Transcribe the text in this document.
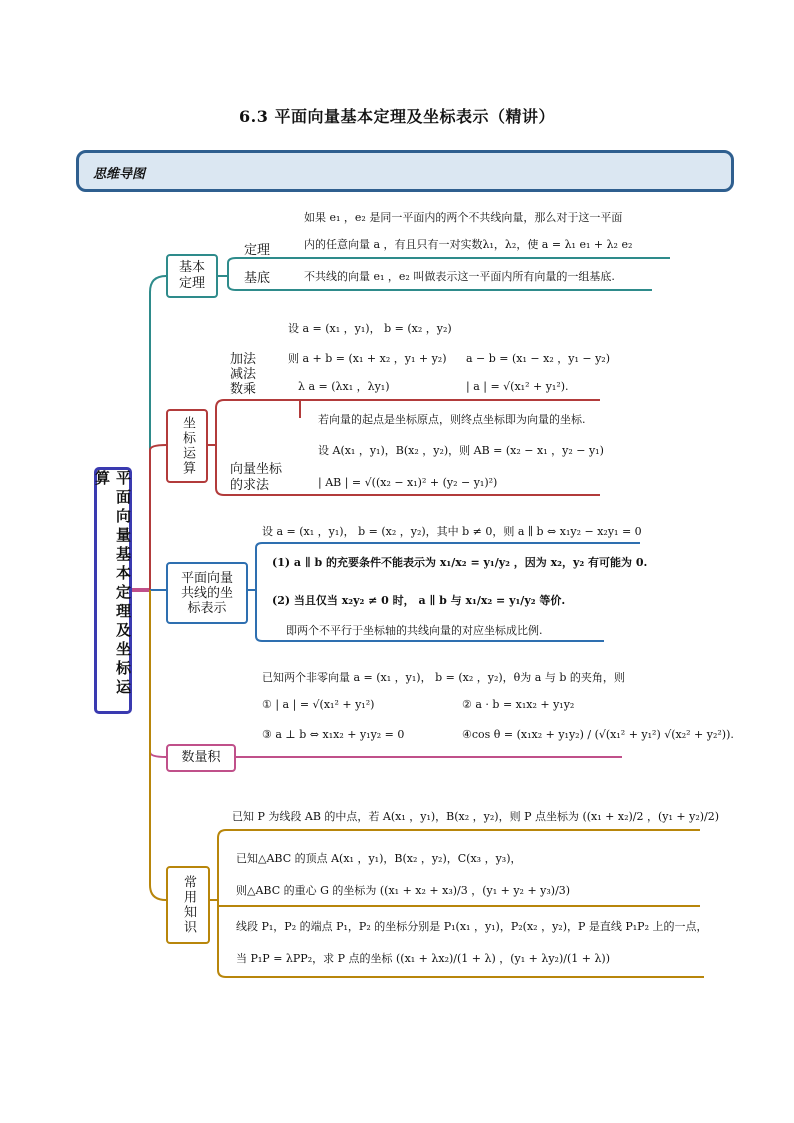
6.3 平面向量基本定理及坐标表示（精讲）
思维导图
平面向量基本定理及坐标运算
基本定理
定理
基底
如果 e₁ ，e₂ 是同一平面内的两个不共线向量，那么对于这一平面
内的任意向量 a ，有且只有一对实数λ₁，λ₂，使 a = λ₁ e₁ + λ₂ e₂
不共线的向量 e₁ ，e₂ 叫做表示这一平面内所有向量的一组基底.
坐标运算
加法
减法
数乘
设 a = (x₁ ，y₁)， b = (x₂ ，y₂)
则 a + b = (x₁ + x₂ ，y₁ + y₂) a − b = (x₁ − x₂ ，y₁ − y₂)
λ a = (λx₁ ，λy₁)	| a | = √(x₁² + y₁²).
向量坐标
的求法
若向量的起点是坐标原点，则终点坐标即为向量的坐标.
设 A(x₁ ，y₁)，B(x₂ ，y₂)，则 AB = (x₂ − x₁ ，y₂ − y₁)
| AB | = √((x₂ − x₁)² + (y₂ − y₁)²)
平面向量
共线的坐
标表示
设 a = (x₁ ，y₁)， b = (x₂ ，y₂)，其中 b ≠ 0，则 a ∥ b ⇔ x₁y₂ − x₂y₁ = 0
(1) a ∥ b 的充要条件不能表示为 x₁/x₂ = y₁/y₂ ，因为 x₂，y₂ 有可能为 0.
(2) 当且仅当 x₂y₂ ≠ 0 时， a ∥ b 与 x₁/x₂ = y₁/y₂ 等价.
即两个不平行于坐标轴的共线向量的对应坐标成比例.
数量积
已知两个非零向量 a = (x₁ ，y₁)， b = (x₂ ，y₂)，θ为 a 与 b 的夹角，则
① | a | = √(x₁² + y₁²)	② a · b = x₁x₂ + y₁y₂
③ a ⊥ b ⇔ x₁x₂ + y₁y₂ = 0	④cos θ = (x₁x₂ + y₁y₂) / (√(x₁² + y₁²) √(x₂² + y₂²)).
常用知识
已知 P 为线段 AB 的中点，若 A(x₁ ，y₁)，B(x₂ ，y₂)，则 P 点坐标为 ((x₁ + x₂)/2 ，(y₁ + y₂)/2)
已知△ABC 的顶点 A(x₁ ，y₁)，B(x₂ ，y₂)，C(x₃ ，y₃)，
则△ABC 的重心 G 的坐标为 ((x₁ + x₂ + x₃)/3 ，(y₁ + y₂ + y₃)/3)
线段 P₁，P₂ 的端点 P₁，P₂ 的坐标分别是 P₁(x₁ ，y₁)，P₂(x₂ ，y₂)，P 是直线 P₁P₂ 上的一点，
当 P₁P = λPP₂，求 P 点的坐标 ((x₁ + λx₂)/(1 + λ) ，(y₁ + λy₂)/(1 + λ))
